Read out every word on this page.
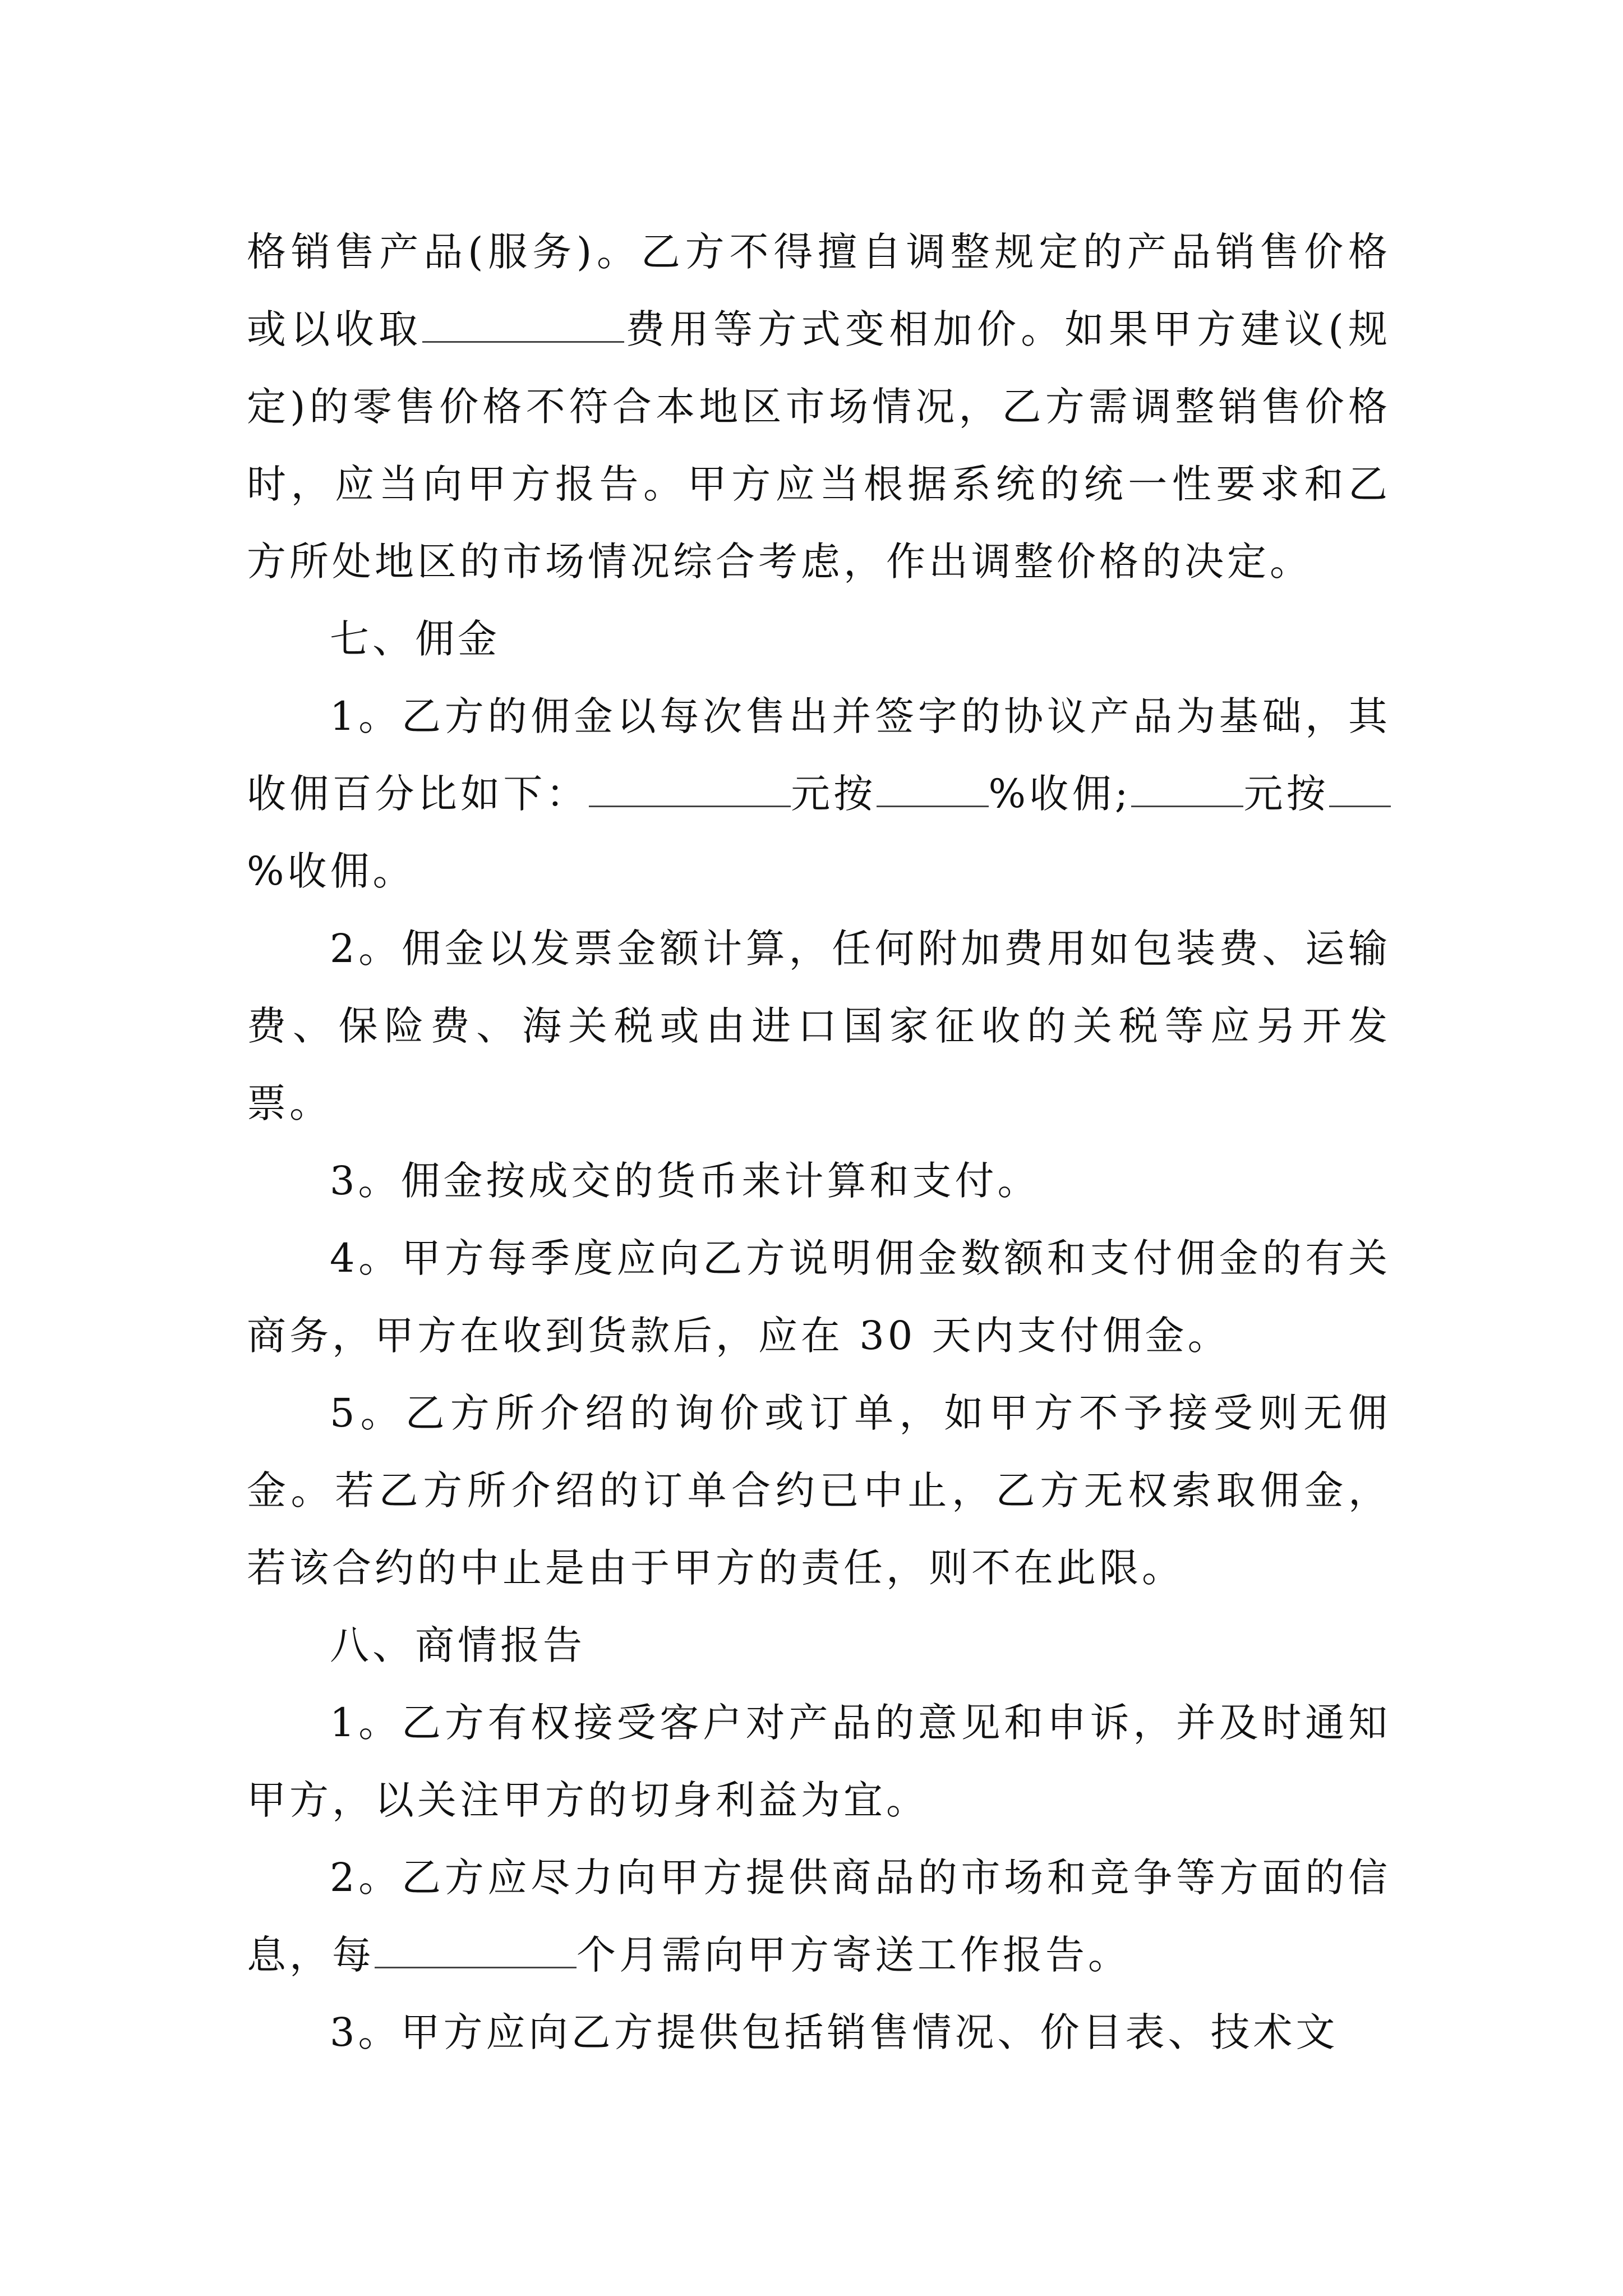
格销售产品(服务)。乙方不得擅自调整规定的产品销售价格或以收取	费用等方式变相加价。如果甲方建议(规定)的零售价格不符合本地区市场情况，乙方需调整销售价格时，应当向甲方报告。甲方应当根据系统的统一性要求和乙方所处地区的市场情况综合考虑，作出调整价格的决定。

七、佣金

1。乙方的佣金以每次售出并签字的协议产品为基础，其收佣百分比如下：	元按	%收佣;	元按%收佣。

2。佣金以发票金额计算，任何附加费用如包装费、运输费、保险费、海关税或由进口国家征收的关税等应另开发票。

3。佣金按成交的货币来计算和支付。

4。甲方每季度应向乙方说明佣金数额和支付佣金的有关商务，甲方在收到货款后，应在 30 天内支付佣金。

5。乙方所介绍的询价或订单，如甲方不予接受则无佣金。若乙方所介绍的订单合约已中止，乙方无权索取佣金，若该合约的中止是由于甲方的责任，则不在此限。

八、商情报告

1。乙方有权接受客户对产品的意见和申诉，并及时通知甲方，以关注甲方的切身利益为宜。

2。乙方应尽力向甲方提供商品的市场和竞争等方面的信息，每	个月需向甲方寄送工作报告。

3。甲方应向乙方提供包括销售情况、价目表、技术文
